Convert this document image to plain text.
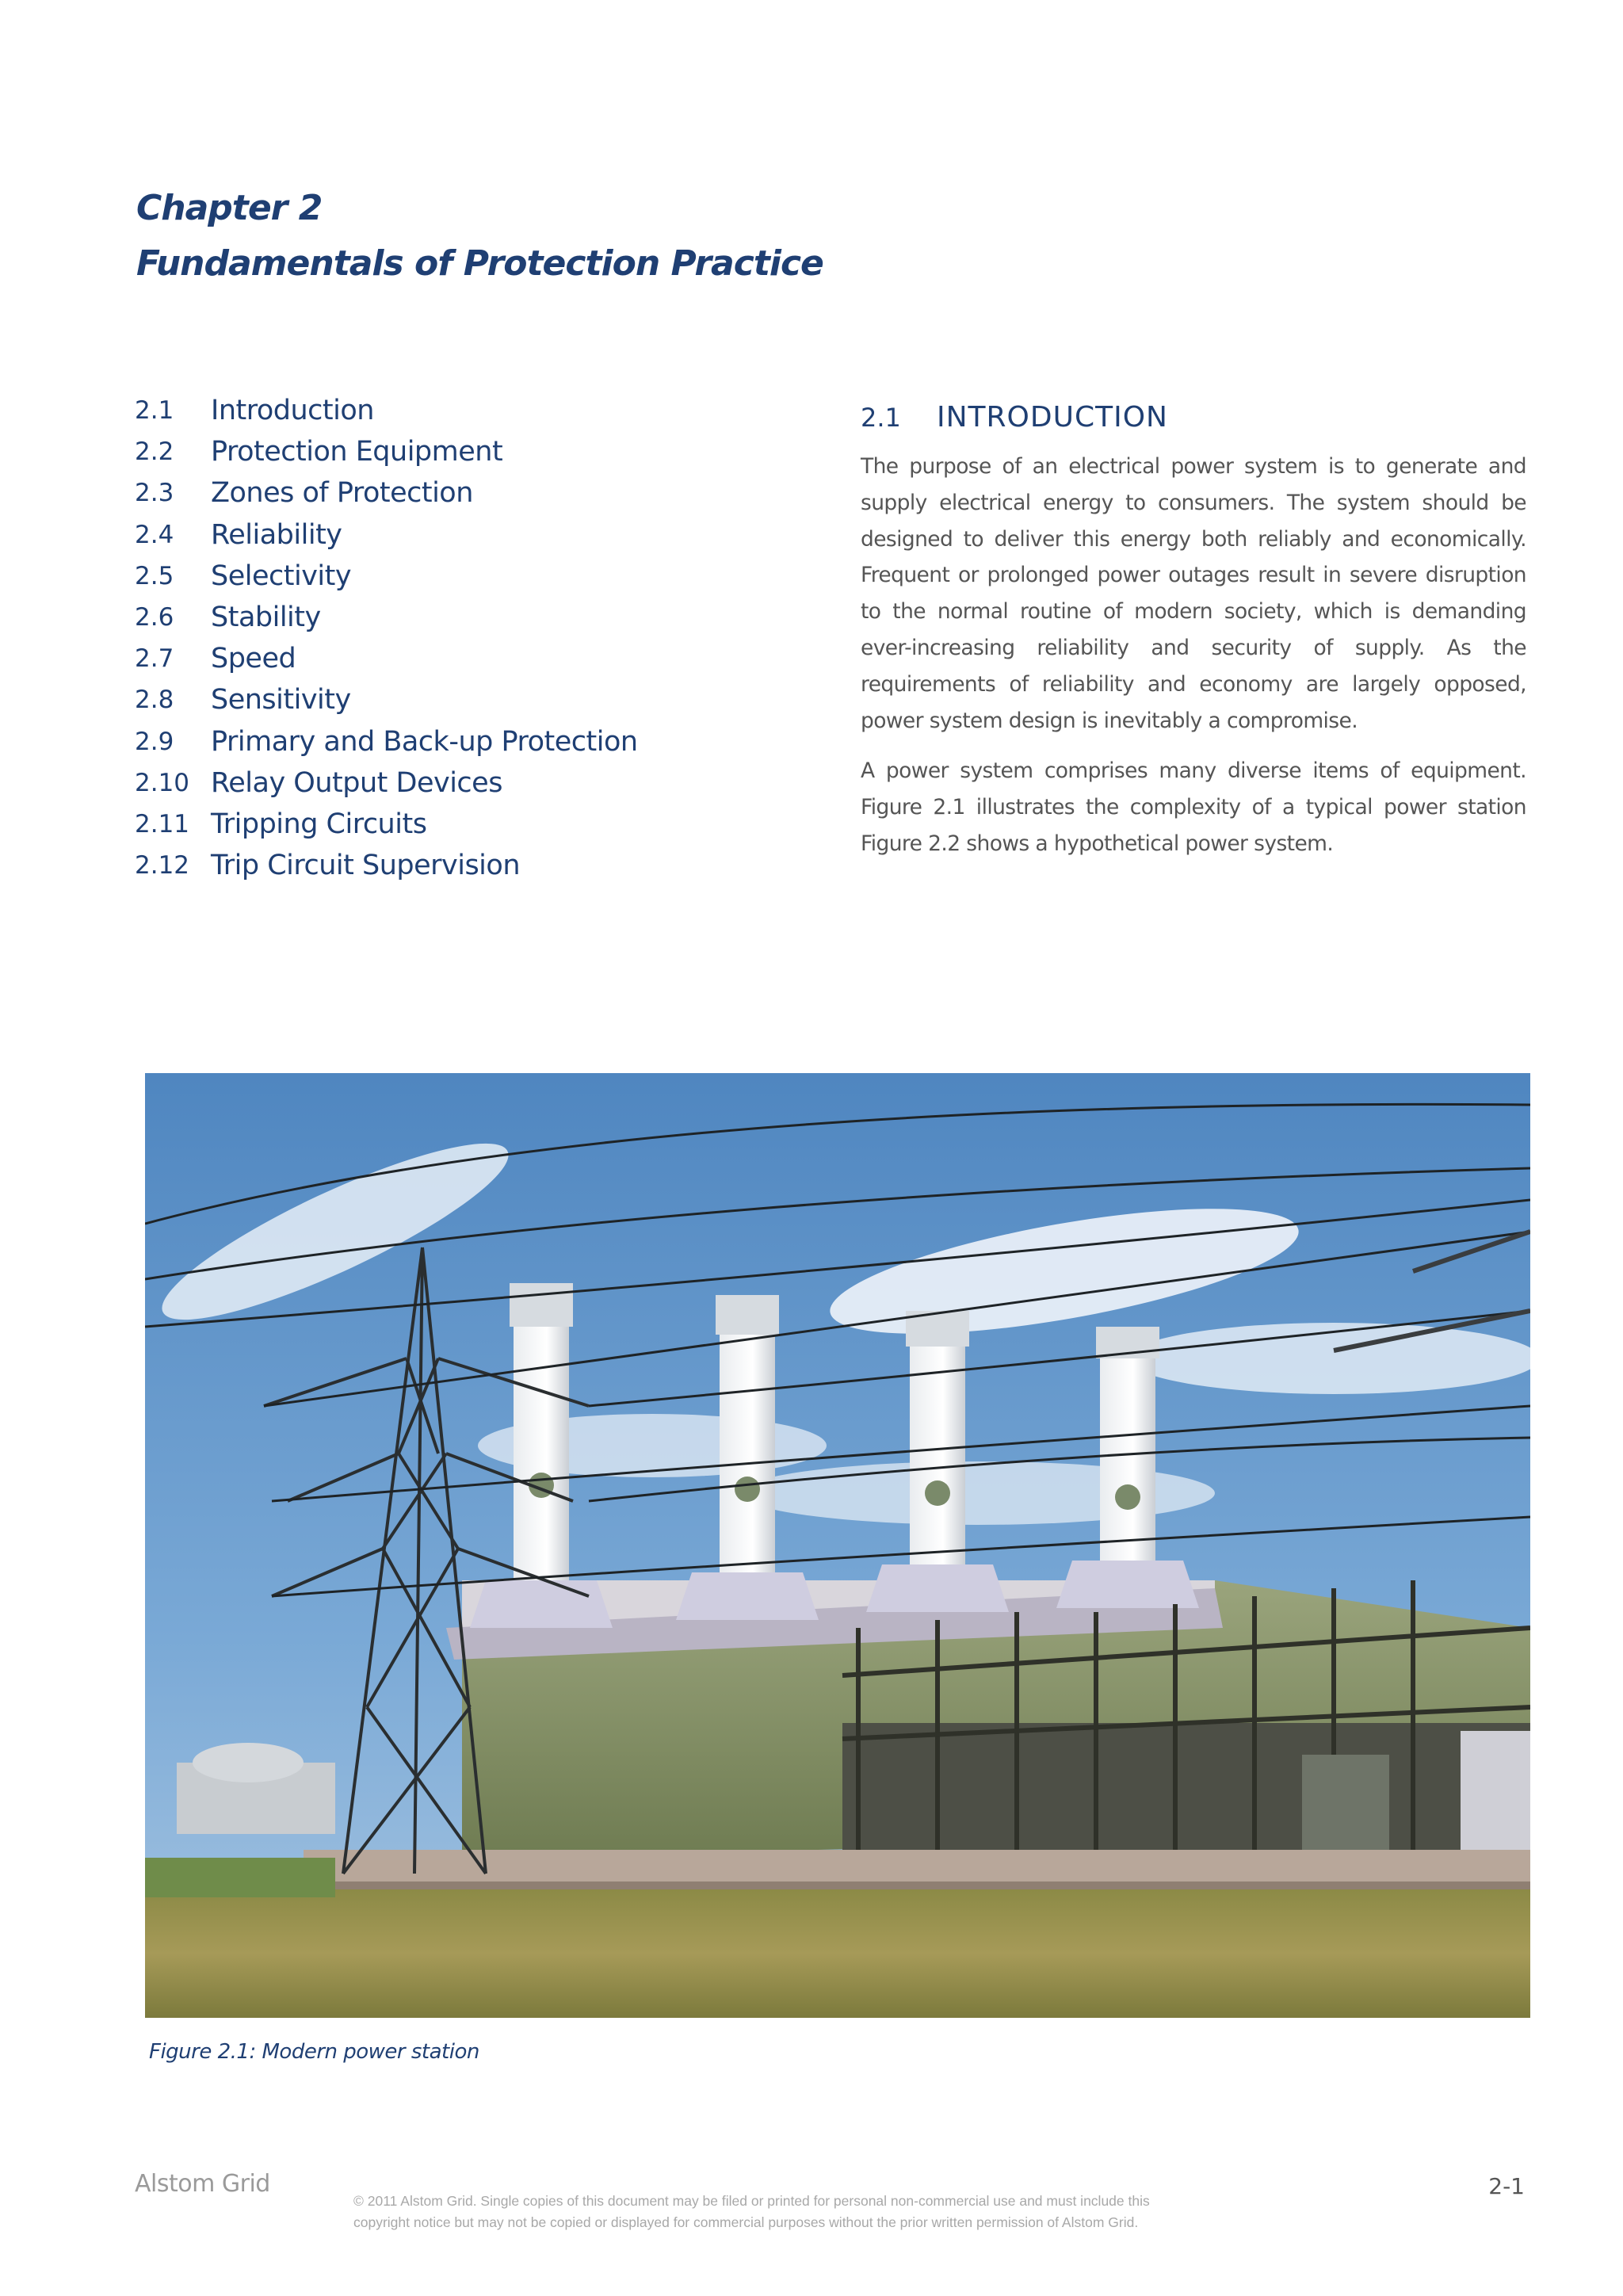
Chapter 2
Fundamentals of Protection Practice
2.1	Introduction
2.2	Protection Equipment
2.3	Zones of Protection
2.4	Reliability
2.5	Selectivity
2.6	Stability
2.7	Speed
2.8	Sensitivity
2.9	Primary and Back-up Protection
2.10 Relay Output Devices
2.11 Tripping Circuits
2.12 Trip Circuit Supervision
2.1 INTRODUCTION

The purpose of an electrical power system is to generate and supply electrical energy to consumers. The system should be designed to deliver this energy both reliably and economically. Frequent or prolonged power outages result in severe disruption to the normal routine of modern society, which is demanding ever-increasing reliability and security of supply. As the requirements of reliability and economy are largely opposed, power system design is inevitably a compromise.

A power system comprises many diverse items of equipment. Figure 2.1 illustrates the complexity of a typical power station Figure 2.2 shows a hypothetical power system.

Figure 2.1: Modern power station
Alstom Grid
© 2011 Alstom Grid. Single copies of this document may be filed or printed for personal non-commercial use and must include this
copyright notice but may not be copied or displayed for commercial purposes without the prior written permission of Alstom Grid.
2-1
